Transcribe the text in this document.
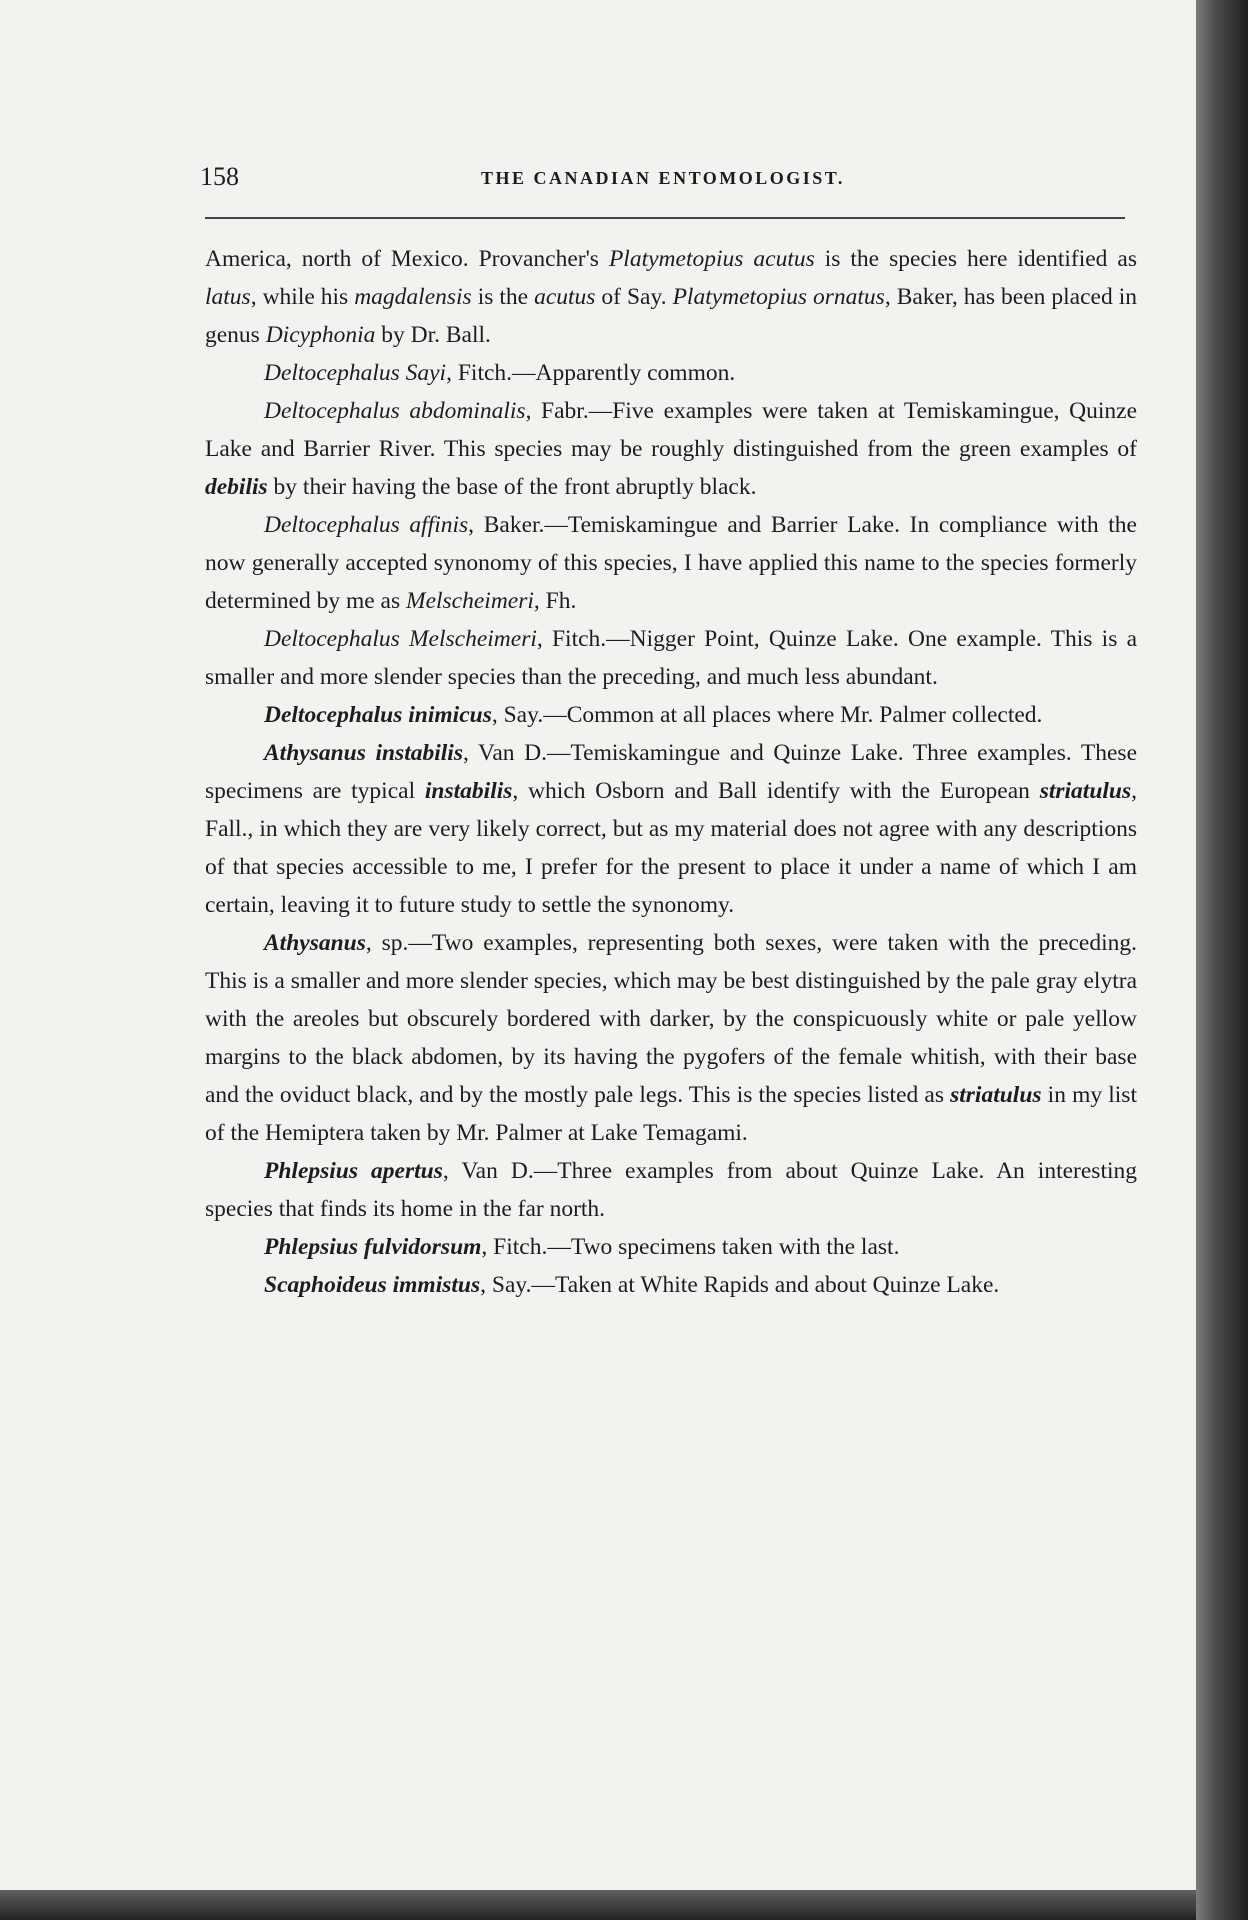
158	THE CANADIAN ENTOMOLOGIST.

America, north of Mexico. Provancher's Platymetopius acutus is the species here identified as latus, while his magdalensis is the acutus of Say. Platymetopius ornatus, Baker, has been placed in genus Dicyphonia by Dr. Ball.

Deltocephalus Sayi, Fitch.—Apparently common.

Deltocephalus abdominalis, Fabr.—Five examples were taken at Temiskamingue, Quinze Lake and Barrier River. This species may be roughly distinguished from the green examples of debilis by their having the base of the front abruptly black.

Deltocephalus affinis, Baker.—Temiskamingue and Barrier Lake. In compliance with the now generally accepted synonomy of this species, I have applied this name to the species formerly determined by me as Melscheimeri, Fh.

Deltocephalus Melscheimeri, Fitch.—Nigger Point, Quinze Lake. One example. This is a smaller and more slender species than the preceding, and much less abundant.

Deltocephalus inimicus, Say.—Common at all places where Mr. Palmer collected.

Athysanus instabilis, Van D.—Temiskamingue and Quinze Lake. Three examples. These specimens are typical instabilis, which Osborn and Ball identify with the European striatulus, Fall., in which they are very likely correct, but as my material does not agree with any descriptions of that species accessible to me, I prefer for the present to place it under a name of which I am certain, leaving it to future study to settle the synonomy.

Athysanus, sp.—Two examples, representing both sexes, were taken with the preceding. This is a smaller and more slender species, which may be best distinguished by the pale gray elytra with the areoles but obscurely bordered with darker, by the conspicuously white or pale yellow margins to the black abdomen, by its having the pygofers of the female whitish, with their base and the oviduct black, and by the mostly pale legs. This is the species listed as striatulus in my list of the Hemiptera taken by Mr. Palmer at Lake Temagami.

Phlepsius apertus, Van D.—Three examples from about Quinze Lake. An interesting species that finds its home in the far north.

Phlepsius fulvidorsum, Fitch.—Two specimens taken with the last.

Scaphoideus immistus, Say.—Taken at White Rapids and about Quinze Lake.
